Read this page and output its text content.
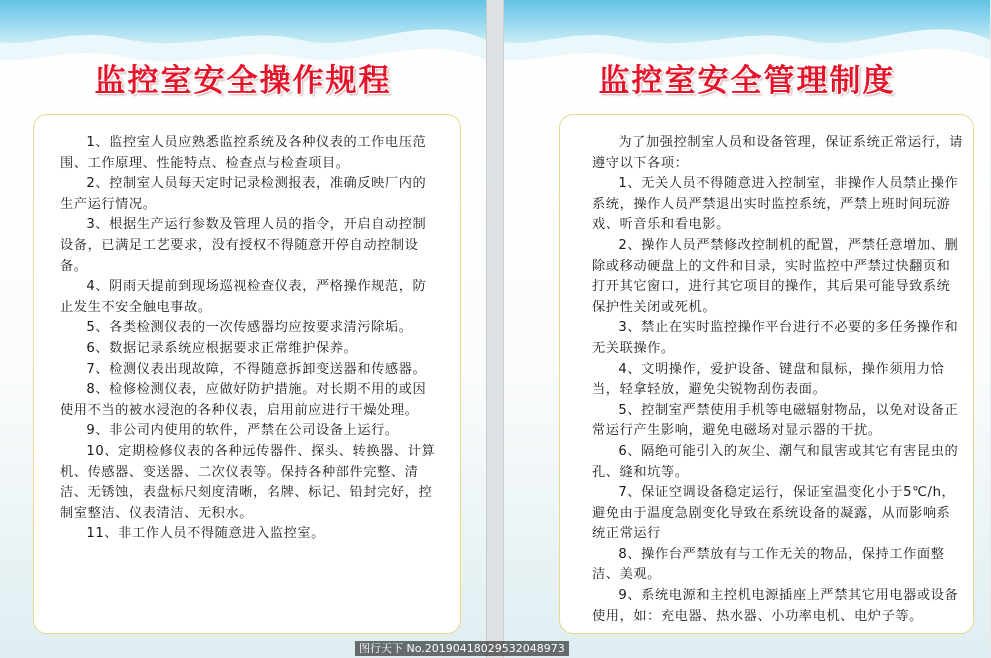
监控室安全操作规程

1、监控室人员应熟悉监控系统及各种仪表的工作电压范围、工作原理、性能特点、检查点与检查项目。

2、控制室人员每天定时记录检测报表，准确反映厂内的生产运行情况。

3、根据生产运行参数及管理人员的指令，开启自动控制设备，已满足工艺要求，没有授权不得随意开停自动控制设备。

4、阴雨天提前到现场巡视检查仪表，严格操作规范，防止发生不安全触电事故。

5、各类检测仪表的一次传感器均应按要求清污除垢。

6、数据记录系统应根据要求正常维护保养。

7、检测仪表出现故障，不得随意拆卸变送器和传感器。

8、检修检测仪表，应做好防护措施。对长期不用的或因使用不当的被水浸泡的各种仪表，启用前应进行干燥处理。

9、非公司内使用的软件，严禁在公司设备上运行。

10、定期检修仪表的各种远传器件、探头、转换器、计算机、传感器、变送器、二次仪表等。保持各种部件完整、清洁、无锈蚀，表盘标尺刻度清晰，名牌、标记、铅封完好，控制室整洁、仪表清洁、无积水。

11、非工作人员不得随意进入监控室。

监控室安全管理制度

为了加强控制室人员和设备管理，保证系统正常运行，请遵守以下各项：

1、无关人员不得随意进入控制室，非操作人员禁止操作系统，操作人员严禁退出实时监控系统，严禁上班时间玩游戏、听音乐和看电影。

2、操作人员严禁修改控制机的配置，严禁任意增加、删除或移动硬盘上的文件和目录，实时监控中严禁过快翻页和打开其它窗口，进行其它项目的操作，其后果可能导致系统保护性关闭或死机。

3、禁止在实时监控操作平台进行不必要的多任务操作和无关联操作。

4、文明操作，爱护设备、键盘和鼠标，操作须用力恰当，轻拿轻放，避免尖锐物刮伤表面。

5、控制室严禁使用手机等电磁辐射物品，以免对设备正常运行产生影响，避免电磁场对显示器的干扰。

6、隔绝可能引入的灰尘、潮气和鼠害或其它有害昆虫的孔、缝和坑等。

7、保证空调设备稳定运行，保证室温变化小于5℃/h，避免由于温度急剧变化导致在系统设备的凝露，从而影响系统正常运行

8、操作台严禁放有与工作无关的物品，保持工作面整洁、美观。

9、系统电源和主控机电源插座上严禁其它用电器或设备使用，如：充电器、热水器、小功率电机、电炉子等。

图行天下 No.20190418029532048973
